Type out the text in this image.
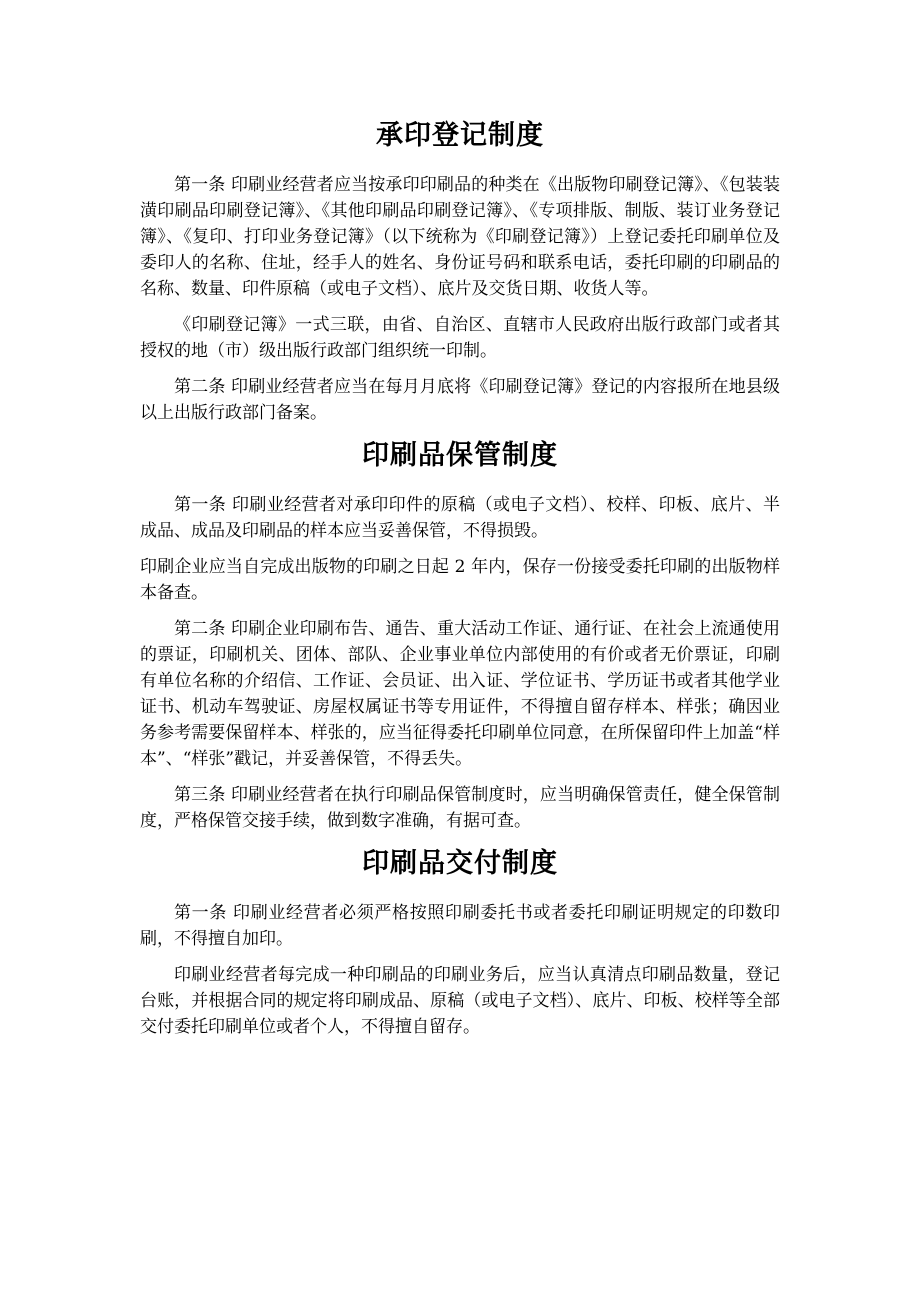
承印登记制度

第一条 印刷业经营者应当按承印印刷品的种类在《出版物印刷登记簿》、《包装装潢印刷品印刷登记簿》、《其他印刷品印刷登记簿》、《专项排版、制版、装订业务登记簿》、《复印、打印业务登记簿》（以下统称为《印刷登记簿》）上登记委托印刷单位及委印人的名称、住址，经手人的姓名、身份证号码和联系电话，委托印刷的印刷品的名称、数量、印件原稿（或电子文档）、底片及交货日期、收货人等。

《印刷登记簿》一式三联，由省、自治区、直辖市人民政府出版行政部门或者其授权的地（市）级出版行政部门组织统一印制。

第二条 印刷业经营者应当在每月月底将《印刷登记簿》登记的内容报所在地县级以上出版行政部门备案。

印刷品保管制度

第一条 印刷业经营者对承印印件的原稿（或电子文档）、校样、印板、底片、半成品、成品及印刷品的样本应当妥善保管，不得损毁。

印刷企业应当自完成出版物的印刷之日起 2 年内，保存一份接受委托印刷的出版物样本备查。

第二条 印刷企业印刷布告、通告、重大活动工作证、通行证、在社会上流通使用的票证，印刷机关、团体、部队、企业事业单位内部使用的有价或者无价票证，印刷有单位名称的介绍信、工作证、会员证、出入证、学位证书、学历证书或者其他学业证书、机动车驾驶证、房屋权属证书等专用证件，不得擅自留存样本、样张；确因业务参考需要保留样本、样张的，应当征得委托印刷单位同意，在所保留印件上加盖“样本”、“样张”戳记，并妥善保管，不得丢失。

第三条 印刷业经营者在执行印刷品保管制度时，应当明确保管责任，健全保管制度，严格保管交接手续，做到数字准确，有据可查。

印刷品交付制度

第一条 印刷业经营者必须严格按照印刷委托书或者委托印刷证明规定的印数印刷，不得擅自加印。

印刷业经营者每完成一种印刷品的印刷业务后，应当认真清点印刷品数量，登记台账，并根据合同的规定将印刷成品、原稿（或电子文档）、底片、印板、校样等全部交付委托印刷单位或者个人，不得擅自留存。
